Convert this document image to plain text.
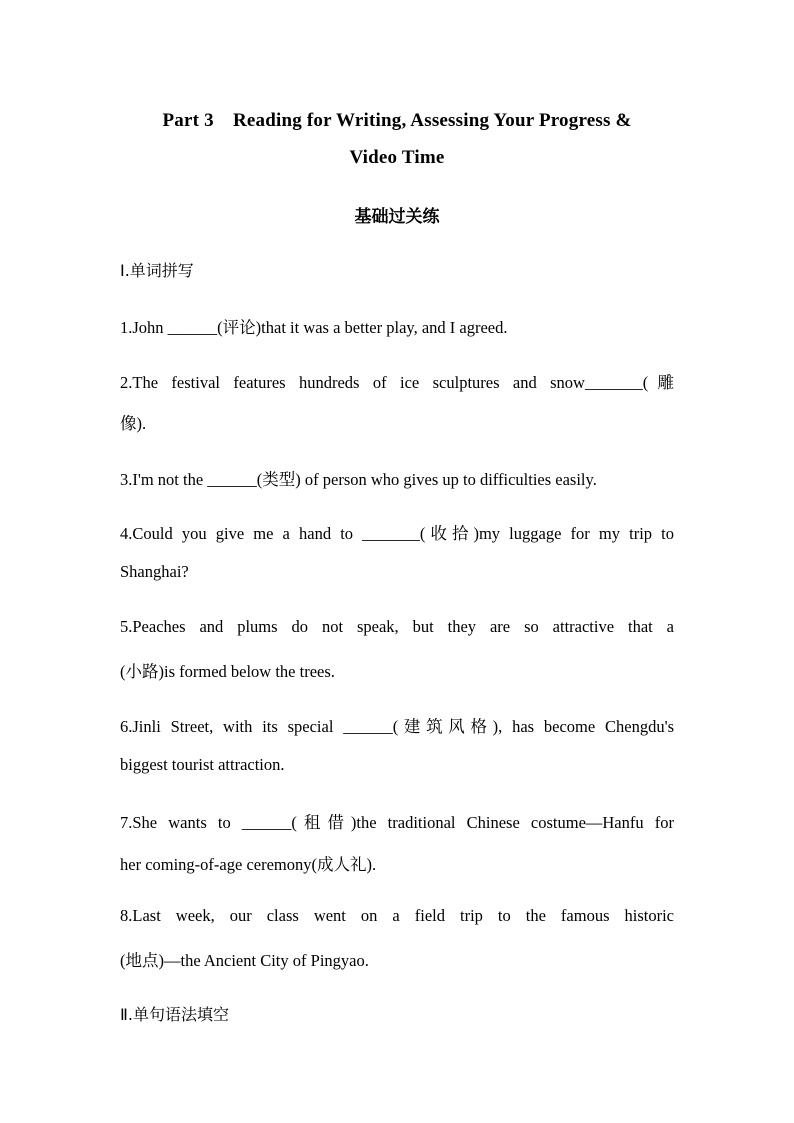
Part 3　Reading for Writing, Assessing Your Progress &
Video Time
基础过关练
Ⅰ.单词拼写
1.John ______(评论)that it was a better play, and I agreed.
2.The festival features hundreds of ice sculptures and snow_______(雕
像).
3.I'm not the ______(类型) of person who gives up to difficulties easily.
4.Could you give me a hand to _______(收拾)my luggage for my trip to
Shanghai?
5.Peaches and plums do not speak, but they are so attractive that a
(小路)is formed below the trees.
6.Jinli Street, with its special ______(建筑风格), has become Chengdu's
biggest tourist attraction.
7.She wants to ______(租借)the traditional Chinese costume—Hanfu for
her coming-of-age ceremony(成人礼).
8.Last week, our class went on a field trip to the famous historic
(地点)—the Ancient City of Pingyao.
Ⅱ.单句语法填空
